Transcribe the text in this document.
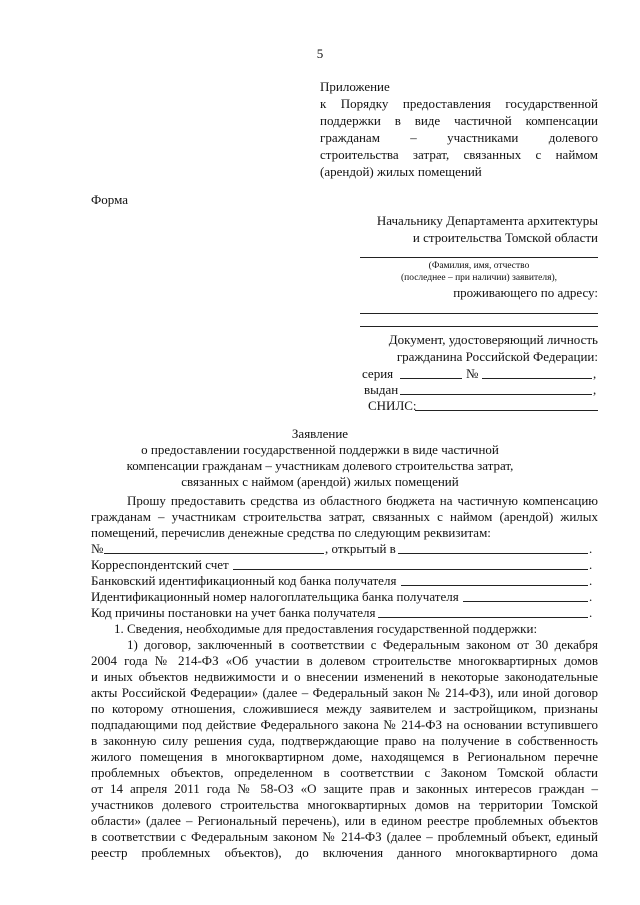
5
Приложение
к Порядку предоставления государственной
поддержки в виде частичной компенсации
гражданам – участниками долевого
строительства затрат, связанных с наймом
(арендой) жилых помещений
Форма
Начальнику Департамента архитектуры
и строительства Томской области
(Фамилия, имя, отчество
(последнее – при наличии) заявителя),
проживающего по адресу:
Документ, удостоверяющий личность
гражданина Российской Федерации:
серия	№	,
выдан	,
СНИЛС:
Заявление
о предоставлении государственной поддержки в виде частичной
компенсации гражданам – участникам долевого строительства затрат,
связанных с наймом (арендой) жилых помещений
Прошу предоставить средства из областного бюджета на частичную компенсацию
гражданам – участникам строительства затрат, связанных с наймом (арендой) жилых
помещений, перечислив денежные средства по следующим реквизитам:
№	, открытый в	.
Корреспондентский счет	.
Банковский идентификационный код банка получателя	.
Идентификационный номер налогоплательщика банка получателя	.
Код причины постановки на учет банка получателя	.
1. Сведения, необходимые для предоставления государственной поддержки:
1) договор, заключенный в соответствии с Федеральным законом от 30 декабря
2004 года № 214-ФЗ «Об участии в долевом строительстве многоквартирных домов
и иных объектов недвижимости и о внесении изменений в некоторые законодательные
акты Российской Федерации» (далее – Федеральный закон № 214-ФЗ), или иной договор
по которому отношения, сложившиеся между заявителем и застройщиком, признаны
подпадающими под действие Федерального закона № 214-ФЗ на основании вступившего
в законную силу решения суда, подтверждающие право на получение в собственность
жилого помещения в многоквартирном доме, находящемся в Региональном перечне
проблемных объектов, определенном в соответствии с Законом Томской области
от 14 апреля 2011 года № 58-ОЗ «О защите прав и законных интересов граждан –
участников долевого строительства многоквартирных домов на территории Томской
области» (далее – Региональный перечень), или в едином реестре проблемных объектов
в соответствии с Федеральным законом № 214-ФЗ (далее – проблемный объект, единый
реестр проблемных объектов), до включения данного многоквартирного дома
